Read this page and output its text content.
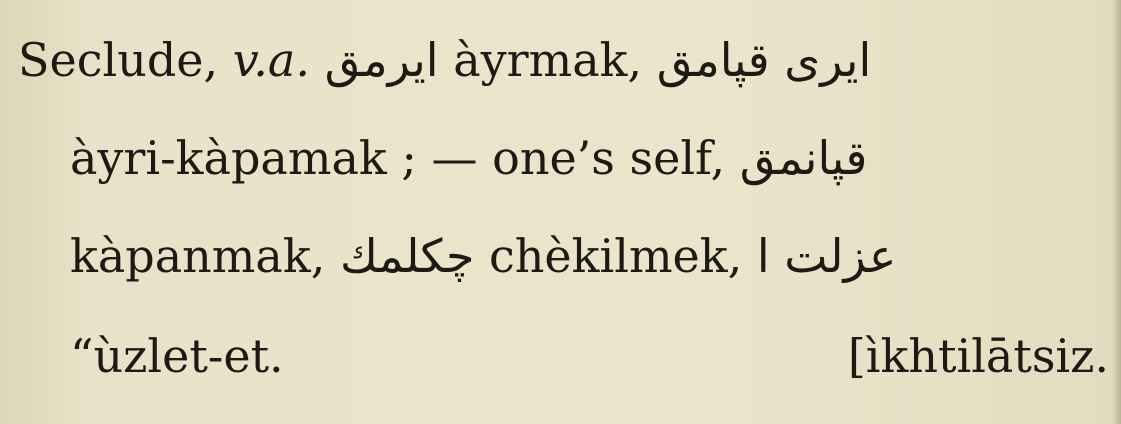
Seclude, v.a. ایرمق àyrmak, ایری قپامق
àyri-kàpamak ; — one’s self, قپانمق
kàpanmak, چکلمك chèkilmek, عزلت ا
“ùzlet-et.	[ìkhtilātsiz.
